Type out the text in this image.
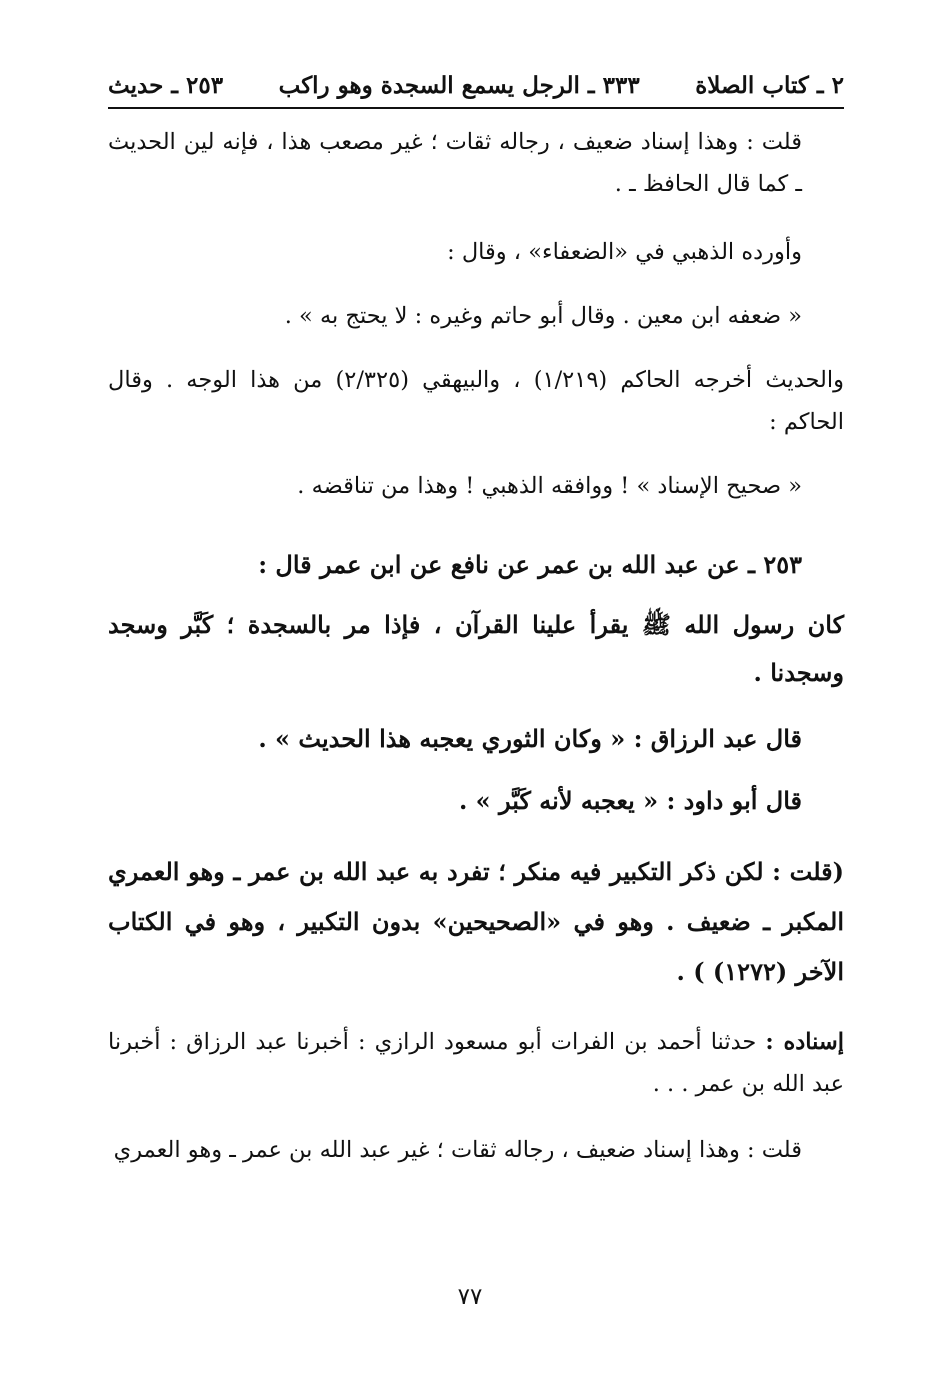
٢ ـ كتاب الصلاة
٣٣٣ ـ الرجل يسمع السجدة وهو راكب
٢٥٣ ـ حديث

قلت : وهذا إسناد ضعيف ، رجاله ثقات ؛ غير مصعب هذا ، فإنه لين الحديث ـ كما قال الحافظ ـ .

وأورده الذهبي في «الضعفاء» ، وقال :

« ضعفه ابن معين . وقال أبو حاتم وغيره : لا يحتج به » .

والحديث أخرجه الحاكم (١/٢١٩) ، والبيهقي (٢/٣٢٥) من هذا الوجه . وقال الحاكم :

« صحيح الإسناد » ! ووافقه الذهبي ! وهذا من تناقضه .

٢٥٣ ـ عن عبد الله بن عمر عن نافع عن ابن عمر قال :

كان رسول الله ﷺ يقرأ علينا القرآن ، فإذا مر بالسجدة ؛ كَبَّر وسجد وسجدنا .

قال عبد الرزاق : « وكان الثوري يعجبه هذا الحديث » .

قال أبو داود : « يعجبه لأنه كَبَّر » .

(قلت : لكن ذكر التكبير فيه منكر ؛ تفرد به عبد الله بن عمر ـ وهو العمري المكبر ـ ضعيف . وهو في «الصحيحين» بدون التكبير ، وهو في الكتاب الآخر (١٢٧٢) ) .

إسناده : حدثنا أحمد بن الفرات أبو مسعود الرازي : أخبرنا عبد الرزاق : أخبرنا عبد الله بن عمر . . .

قلت : وهذا إسناد ضعيف ، رجاله ثقات ؛ غير عبد الله بن عمر ـ وهو العمري

٧٧
